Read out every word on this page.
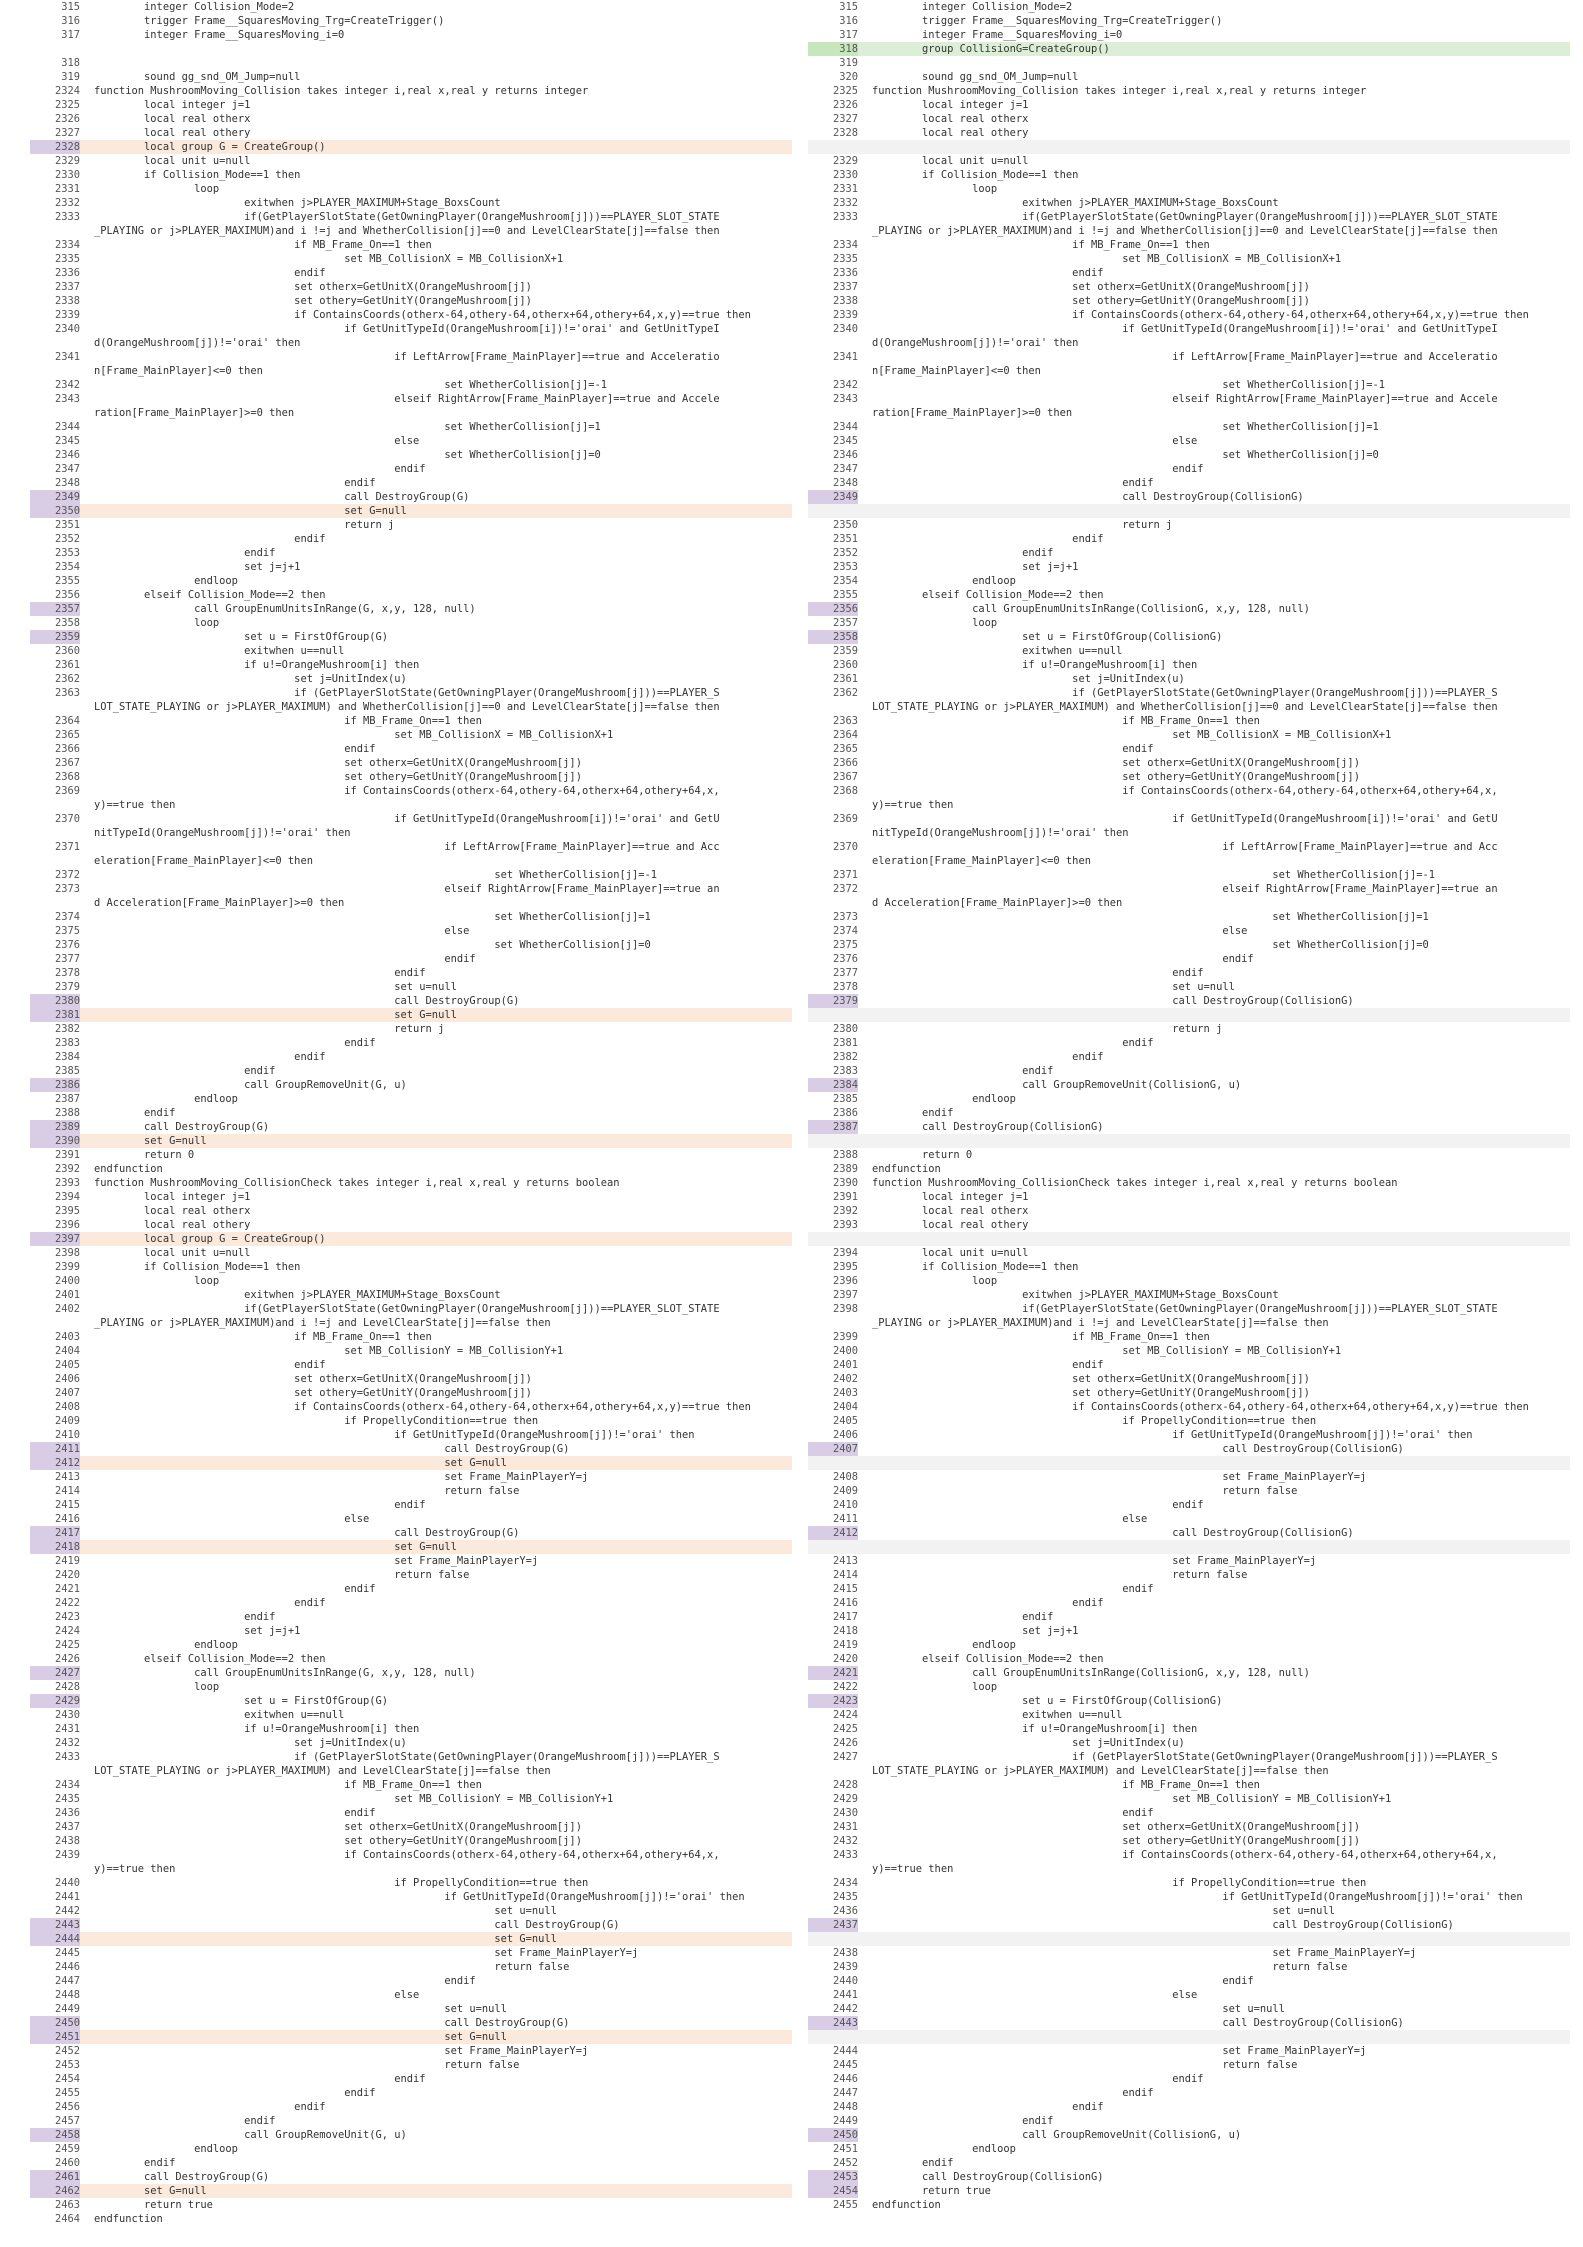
315        integer Collision_Mode=2
316        trigger Frame__SquaresMoving_Trg=CreateTrigger()
317        integer Frame__SquaresMoving_i=0
318
319        sound gg_snd_OM_Jump=null
2324 function MushroomMoving_Collision takes integer i,real x,real y returns integer
2325        local integer j=1
2326        local real otherx
2327        local real othery
2328        local group G = CreateGroup()
2329        local unit u=null
2330        if Collision_Mode==1 then
2331                loop
2332                        exitwhen j>PLAYER_MAXIMUM+Stage_BoxsCount
2333                        if(GetPlayerSlotState(GetOwningPlayer(OrangeMushroom[j]))==PLAYER_SLOT_STATE
_PLAYING or j>PLAYER_MAXIMUM)and i !=j and WhetherCollision[j]==0 and LevelClearState[j]==false then
2334                                if MB_Frame_On==1 then
2335                                        set MB_CollisionX = MB_CollisionX+1
2336                                endif
2337                                set otherx=GetUnitX(OrangeMushroom[j])
2338                                set othery=GetUnitY(OrangeMushroom[j])
2339                                if ContainsCoords(otherx-64,othery-64,otherx+64,othery+64,x,y)==true then
2340                                        if GetUnitTypeId(OrangeMushroom[i])!='orai' and GetUnitTypeI
d(OrangeMushroom[j])!='orai' then
2341                                                if LeftArrow[Frame_MainPlayer]==true and Acceleratio
n[Frame_MainPlayer]<=0 then
2342                                                        set WhetherCollision[j]=-1
2343                                                elseif RightArrow[Frame_MainPlayer]==true and Accele
ration[Frame_MainPlayer]>=0 then
2344                                                        set WhetherCollision[j]=1
2345                                                else
2346                                                        set WhetherCollision[j]=0
2347                                                endif
2348                                        endif
2349                                        call DestroyGroup(G)
2350                                        set G=null
2351                                        return j
2352                                endif
2353                        endif
2354                        set j=j+1
2355                endloop
2356        elseif Collision_Mode==2 then
2357                call GroupEnumUnitsInRange(G, x,y, 128, null)
2358                loop
2359                        set u = FirstOfGroup(G)
2360                        exitwhen u==null
2361                        if u!=OrangeMushroom[i] then
2362                                set j=UnitIndex(u)
2363                                if (GetPlayerSlotState(GetOwningPlayer(OrangeMushroom[j]))==PLAYER_S
LOT_STATE_PLAYING or j>PLAYER_MAXIMUM) and WhetherCollision[j]==0 and LevelClearState[j]==false then
2364                                        if MB_Frame_On==1 then
2365                                                set MB_CollisionX = MB_CollisionX+1
2366                                        endif
2367                                        set otherx=GetUnitX(OrangeMushroom[j])
2368                                        set othery=GetUnitY(OrangeMushroom[j])
2369                                        if ContainsCoords(otherx-64,othery-64,otherx+64,othery+64,x,
y)==true then
2370                                                if GetUnitTypeId(OrangeMushroom[i])!='orai' and GetU
nitTypeId(OrangeMushroom[j])!='orai' then
2371                                                        if LeftArrow[Frame_MainPlayer]==true and Acc
eleration[Frame_MainPlayer]<=0 then
2372                                                                set WhetherCollision[j]=-1
2373                                                        elseif RightArrow[Frame_MainPlayer]==true an
d Acceleration[Frame_MainPlayer]>=0 then
2374                                                                set WhetherCollision[j]=1
2375                                                        else
2376                                                                set WhetherCollision[j]=0
2377                                                        endif
2378                                                endif
2379                                                set u=null
2380                                                call DestroyGroup(G)
2381                                                set G=null
2382                                                return j
2383                                        endif
2384                                endif
2385                        endif
2386                        call GroupRemoveUnit(G, u)
2387                endloop
2388        endif
2389        call DestroyGroup(G)
2390        set G=null
2391        return 0
2392 endfunction
2393 function MushroomMoving_CollisionCheck takes integer i,real x,real y returns boolean
2394        local integer j=1
2395        local real otherx
2396        local real othery
2397        local group G = CreateGroup()
2398        local unit u=null
2399        if Collision_Mode==1 then
2400                loop
2401                        exitwhen j>PLAYER_MAXIMUM+Stage_BoxsCount
2402                        if(GetPlayerSlotState(GetOwningPlayer(OrangeMushroom[j]))==PLAYER_SLOT_STATE
_PLAYING or j>PLAYER_MAXIMUM)and i !=j and LevelClearState[j]==false then
2403                                if MB_Frame_On==1 then
2404                                        set MB_CollisionY = MB_CollisionY+1
2405                                endif
2406                                set otherx=GetUnitX(OrangeMushroom[j])
2407                                set othery=GetUnitY(OrangeMushroom[j])
2408                                if ContainsCoords(otherx-64,othery-64,otherx+64,othery+64,x,y)==true then
2409                                        if PropellyCondition==true then
2410                                                if GetUnitTypeId(OrangeMushroom[j])!='orai' then
2411                                                        call DestroyGroup(G)
2412                                                        set G=null
2413                                                        set Frame_MainPlayerY=j
2414                                                        return false
2415                                                endif
2416                                        else
2417                                                call DestroyGroup(G)
2418                                                set G=null
2419                                                set Frame_MainPlayerY=j
2420                                                return false
2421                                        endif
2422                                endif
2423                        endif
2424                        set j=j+1
2425                endloop
2426        elseif Collision_Mode==2 then
2427                call GroupEnumUnitsInRange(G, x,y, 128, null)
2428                loop
2429                        set u = FirstOfGroup(G)
2430                        exitwhen u==null
2431                        if u!=OrangeMushroom[i] then
2432                                set j=UnitIndex(u)
2433                                if (GetPlayerSlotState(GetOwningPlayer(OrangeMushroom[j]))==PLAYER_S
LOT_STATE_PLAYING or j>PLAYER_MAXIMUM) and LevelClearState[j]==false then
2434                                        if MB_Frame_On==1 then
2435                                                set MB_CollisionY = MB_CollisionY+1
2436                                        endif
2437                                        set otherx=GetUnitX(OrangeMushroom[j])
2438                                        set othery=GetUnitY(OrangeMushroom[j])
2439                                        if ContainsCoords(otherx-64,othery-64,otherx+64,othery+64,x,
y)==true then
2440                                                if PropellyCondition==true then
2441                                                        if GetUnitTypeId(OrangeMushroom[j])!='orai' then
2442                                                                set u=null
2443                                                                call DestroyGroup(G)
2444                                                                set G=null
2445                                                                set Frame_MainPlayerY=j
2446                                                                return false
2447                                                        endif
2448                                                else
2449                                                        set u=null
2450                                                        call DestroyGroup(G)
2451                                                        set G=null
2452                                                        set Frame_MainPlayerY=j
2453                                                        return false
2454                                                endif
2455                                        endif
2456                                endif
2457                        endif
2458                        call GroupRemoveUnit(G, u)
2459                endloop
2460        endif
2461        call DestroyGroup(G)
2462        set G=null
2463        return true
2464 endfunction
315        integer Collision_Mode=2
316        trigger Frame__SquaresMoving_Trg=CreateTrigger()
317        integer Frame__SquaresMoving_i=0
318        group CollisionG=CreateGroup()
319
320        sound gg_snd_OM_Jump=null
2325 function MushroomMoving_Collision takes integer i,real x,real y returns integer
2326        local integer j=1
2327        local real otherx
2328        local real othery
2329        local unit u=null
2330        if Collision_Mode==1 then
2331                loop
2332                        exitwhen j>PLAYER_MAXIMUM+Stage_BoxsCount
2333                        if(GetPlayerSlotState(GetOwningPlayer(OrangeMushroom[j]))==PLAYER_SLOT_STATE
_PLAYING or j>PLAYER_MAXIMUM)and i !=j and WhetherCollision[j]==0 and LevelClearState[j]==false then
2334                                if MB_Frame_On==1 then
2335                                        set MB_CollisionX = MB_CollisionX+1
2336                                endif
2337                                set otherx=GetUnitX(OrangeMushroom[j])
2338                                set othery=GetUnitY(OrangeMushroom[j])
2339                                if ContainsCoords(otherx-64,othery-64,otherx+64,othery+64,x,y)==true then
2340                                        if GetUnitTypeId(OrangeMushroom[i])!='orai' and GetUnitTypeI
d(OrangeMushroom[j])!='orai' then
2341                                                if LeftArrow[Frame_MainPlayer]==true and Acceleratio
n[Frame_MainPlayer]<=0 then
2342                                                        set WhetherCollision[j]=-1
2343                                                elseif RightArrow[Frame_MainPlayer]==true and Accele
ration[Frame_MainPlayer]>=0 then
2344                                                        set WhetherCollision[j]=1
2345                                                else
2346                                                        set WhetherCollision[j]=0
2347                                                endif
2348                                        endif
2349                                        call DestroyGroup(CollisionG)
2350                                        return j
2351                                endif
2352                        endif
2353                        set j=j+1
2354                endloop
2355        elseif Collision_Mode==2 then
2356                call GroupEnumUnitsInRange(CollisionG, x,y, 128, null)
2357                loop
2358                        set u = FirstOfGroup(CollisionG)
2359                        exitwhen u==null
2360                        if u!=OrangeMushroom[i] then
2361                                set j=UnitIndex(u)
2362                                if (GetPlayerSlotState(GetOwningPlayer(OrangeMushroom[j]))==PLAYER_S
LOT_STATE_PLAYING or j>PLAYER_MAXIMUM) and WhetherCollision[j]==0 and LevelClearState[j]==false then
2363                                        if MB_Frame_On==1 then
2364                                                set MB_CollisionX = MB_CollisionX+1
2365                                        endif
2366                                        set otherx=GetUnitX(OrangeMushroom[j])
2367                                        set othery=GetUnitY(OrangeMushroom[j])
2368                                        if ContainsCoords(otherx-64,othery-64,otherx+64,othery+64,x,
y)==true then
2369                                                if GetUnitTypeId(OrangeMushroom[i])!='orai' and GetU
nitTypeId(OrangeMushroom[j])!='orai' then
2370                                                        if LeftArrow[Frame_MainPlayer]==true and Acc
eleration[Frame_MainPlayer]<=0 then
2371                                                                set WhetherCollision[j]=-1
2372                                                        elseif RightArrow[Frame_MainPlayer]==true an
d Acceleration[Frame_MainPlayer]>=0 then
2373                                                                set WhetherCollision[j]=1
2374                                                        else
2375                                                                set WhetherCollision[j]=0
2376                                                        endif
2377                                                endif
2378                                                set u=null
2379                                                call DestroyGroup(CollisionG)
2380                                                return j
2381                                        endif
2382                                endif
2383                        endif
2384                        call GroupRemoveUnit(CollisionG, u)
2385                endloop
2386        endif
2387        call DestroyGroup(CollisionG)
2388        return 0
2389 endfunction
2390 function MushroomMoving_CollisionCheck takes integer i,real x,real y returns boolean
2391        local integer j=1
2392        local real otherx
2393        local real othery
2394        local unit u=null
2395        if Collision_Mode==1 then
2396                loop
2397                        exitwhen j>PLAYER_MAXIMUM+Stage_BoxsCount
2398                        if(GetPlayerSlotState(GetOwningPlayer(OrangeMushroom[j]))==PLAYER_SLOT_STATE
_PLAYING or j>PLAYER_MAXIMUM)and i !=j and LevelClearState[j]==false then
2399                                if MB_Frame_On==1 then
2400                                        set MB_CollisionY = MB_CollisionY+1
2401                                endif
2402                                set otherx=GetUnitX(OrangeMushroom[j])
2403                                set othery=GetUnitY(OrangeMushroom[j])
2404                                if ContainsCoords(otherx-64,othery-64,otherx+64,othery+64,x,y)==true then
2405                                        if PropellyCondition==true then
2406                                                if GetUnitTypeId(OrangeMushroom[j])!='orai' then
2407                                                        call DestroyGroup(CollisionG)
2408                                                        set Frame_MainPlayerY=j
2409                                                        return false
2410                                                endif
2411                                        else
2412                                                call DestroyGroup(CollisionG)
2413                                                set Frame_MainPlayerY=j
2414                                                return false
2415                                        endif
2416                                endif
2417                        endif
2418                        set j=j+1
2419                endloop
2420        elseif Collision_Mode==2 then
2421                call GroupEnumUnitsInRange(CollisionG, x,y, 128, null)
2422                loop
2423                        set u = FirstOfGroup(CollisionG)
2424                        exitwhen u==null
2425                        if u!=OrangeMushroom[i] then
2426                                set j=UnitIndex(u)
2427                                if (GetPlayerSlotState(GetOwningPlayer(OrangeMushroom[j]))==PLAYER_S
LOT_STATE_PLAYING or j>PLAYER_MAXIMUM) and LevelClearState[j]==false then
2428                                        if MB_Frame_On==1 then
2429                                                set MB_CollisionY = MB_CollisionY+1
2430                                        endif
2431                                        set otherx=GetUnitX(OrangeMushroom[j])
2432                                        set othery=GetUnitY(OrangeMushroom[j])
2433                                        if ContainsCoords(otherx-64,othery-64,otherx+64,othery+64,x,
y)==true then
2434                                                if PropellyCondition==true then
2435                                                        if GetUnitTypeId(OrangeMushroom[j])!='orai' then
2436                                                                set u=null
2437                                                                call DestroyGroup(CollisionG)
2438                                                                set Frame_MainPlayerY=j
2439                                                                return false
2440                                                        endif
2441                                                else
2442                                                        set u=null
2443                                                        call DestroyGroup(CollisionG)
2444                                                        set Frame_MainPlayerY=j
2445                                                        return false
2446                                                endif
2447                                        endif
2448                                endif
2449                        endif
2450                        call GroupRemoveUnit(CollisionG, u)
2451                endloop
2452        endif
2453        call DestroyGroup(CollisionG)
2454        return true
2455 endfunction
